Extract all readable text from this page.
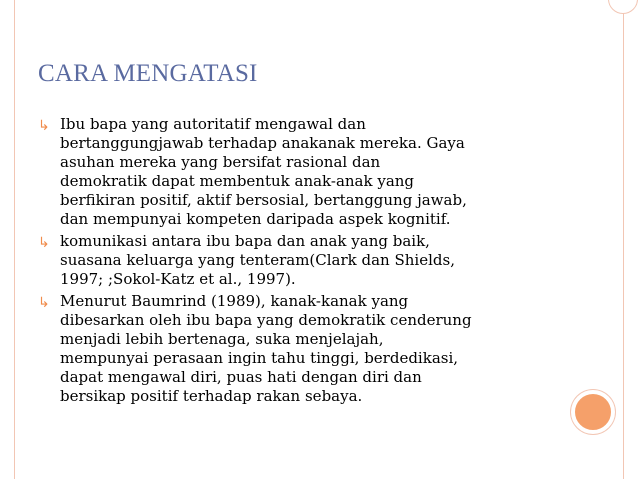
CARA MENGATASI
↳ Ibu bapa yang autoritatif mengawal dan
bertanggungjawab terhadap anakanak mereka. Gaya
asuhan mereka yang bersifat rasional dan
demokratik dapat membentuk anak-anak yang
berfikiran positif, aktif bersosial, bertanggung jawab,
dan mempunyai kompeten daripada aspek kognitif.
↳ komunikasi antara ibu bapa dan anak yang baik,
suasana keluarga yang tenteram(Clark dan Shields,
1997; ;Sokol-Katz et al., 1997).
↳ Menurut Baumrind (1989), kanak-kanak yang
dibesarkan oleh ibu bapa yang demokratik cenderung
menjadi lebih bertenaga, suka menjelajah,
mempunyai perasaan ingin tahu tinggi, berdedikasi,
dapat mengawal diri, puas hati dengan diri dan
bersikap positif terhadap rakan sebaya.
